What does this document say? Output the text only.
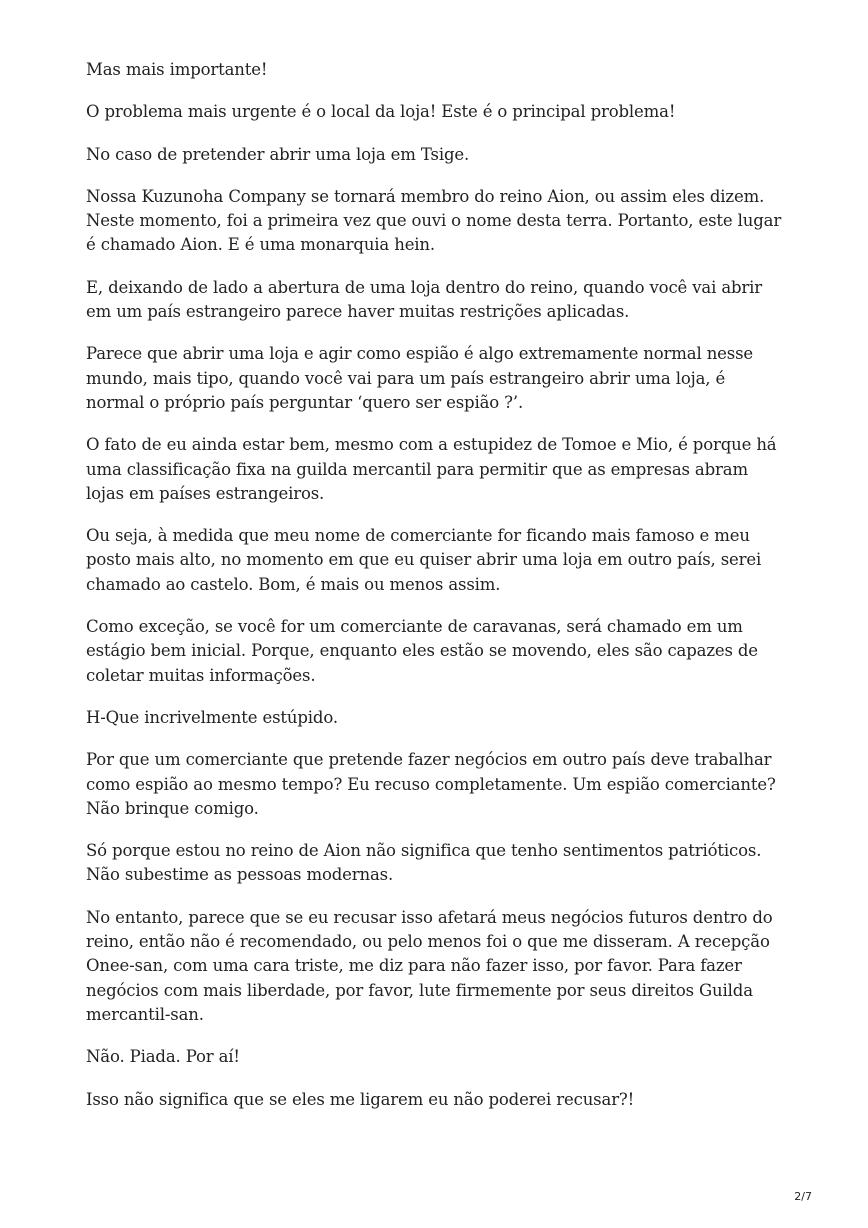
Mas mais importante!

O problema mais urgente é o local da loja! Este é o principal problema!

No caso de pretender abrir uma loja em Tsige.

Nossa Kuzunoha Company se tornará membro do reino Aion, ou assim eles dizem. Neste momento, foi a primeira vez que ouvi o nome desta terra. Portanto, este lugar é chamado Aion. E é uma monarquia hein.

E, deixando de lado a abertura de uma loja dentro do reino, quando você vai abrir em um país estrangeiro parece haver muitas restrições aplicadas.

Parece que abrir uma loja e agir como espião é algo extremamente normal nesse mundo, mais tipo, quando você vai para um país estrangeiro abrir uma loja, é normal o próprio país perguntar ‘quero ser espião ?’.

O fato de eu ainda estar bem, mesmo com a estupidez de Tomoe e Mio, é porque há uma classificação fixa na guilda mercantil para permitir que as empresas abram lojas em países estrangeiros.

Ou seja, à medida que meu nome de comerciante for ficando mais famoso e meu posto mais alto, no momento em que eu quiser abrir uma loja em outro país, serei chamado ao castelo. Bom, é mais ou menos assim.

Como exceção, se você for um comerciante de caravanas, será chamado em um estágio bem inicial. Porque, enquanto eles estão se movendo, eles são capazes de coletar muitas informações.

H-Que incrivelmente estúpido.

Por que um comerciante que pretende fazer negócios em outro país deve trabalhar como espião ao mesmo tempo? Eu recuso completamente. Um espião comerciante? Não brinque comigo.

Só porque estou no reino de Aion não significa que tenho sentimentos patrióticos. Não subestime as pessoas modernas.

No entanto, parece que se eu recusar isso afetará meus negócios futuros dentro do reino, então não é recomendado, ou pelo menos foi o que me disseram. A recepção Onee-san, com uma cara triste, me diz para não fazer isso, por favor. Para fazer negócios com mais liberdade, por favor, lute firmemente por seus direitos Guilda mercantil-san.

Não. Piada. Por aí!

Isso não significa que se eles me ligarem eu não poderei recusar?!

2/7
